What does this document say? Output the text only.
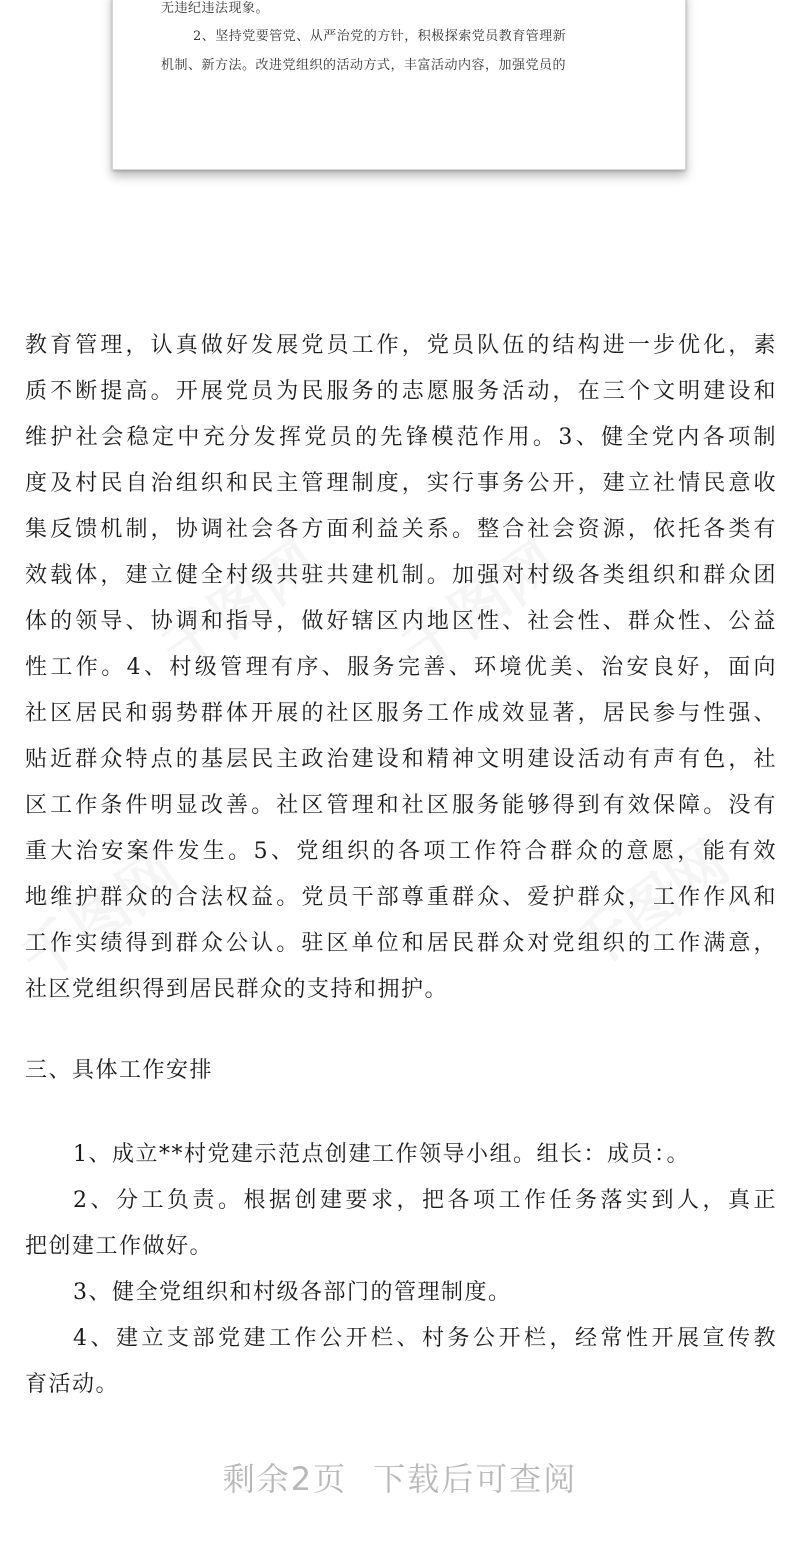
无违纪违法现象。
2、坚持党要管党、从严治党的方针，积极探索党员教育管理新
机制、新方法。改进党组织的活动方式，丰富活动内容，加强党员的
千图网 千图网
千图网
千图网
教育管理，认真做好发展党员工作，党员队伍的结构进一步优化，素
质不断提高。开展党员为民服务的志愿服务活动，在三个文明建设和
维护社会稳定中充分发挥党员的先锋模范作用。3、健全党内各项制
度及村民自治组织和民主管理制度，实行事务公开，建立社情民意收
集反馈机制，协调社会各方面利益关系。整合社会资源，依托各类有
效载体，建立健全村级共驻共建机制。加强对村级各类组织和群众团
体的领导、协调和指导，做好辖区内地区性、社会性、群众性、公益
性工作。4、村级管理有序、服务完善、环境优美、治安良好，面向
社区居民和弱势群体开展的社区服务工作成效显著，居民参与性强、
贴近群众特点的基层民主政治建设和精神文明建设活动有声有色，社
区工作条件明显改善。社区管理和社区服务能够得到有效保障。没有
重大治安案件发生。5、党组织的各项工作符合群众的意愿，能有效
地维护群众的合法权益。党员干部尊重群众、爱护群众，工作作风和
工作实绩得到群众公认。驻区单位和居民群众对党组织的工作满意，
社区党组织得到居民群众的支持和拥护。
三、具体工作安排
1、成立**村党建示范点创建工作领导小组。组长：成员：。
2、分工负责。根据创建要求，把各项工作任务落实到人，真正
把创建工作做好。
3、健全党组织和村级各部门的管理制度。
4、建立支部党建工作公开栏、村务公开栏，经常性开展宣传教
育活动。
剩余2页 下载后可查阅
